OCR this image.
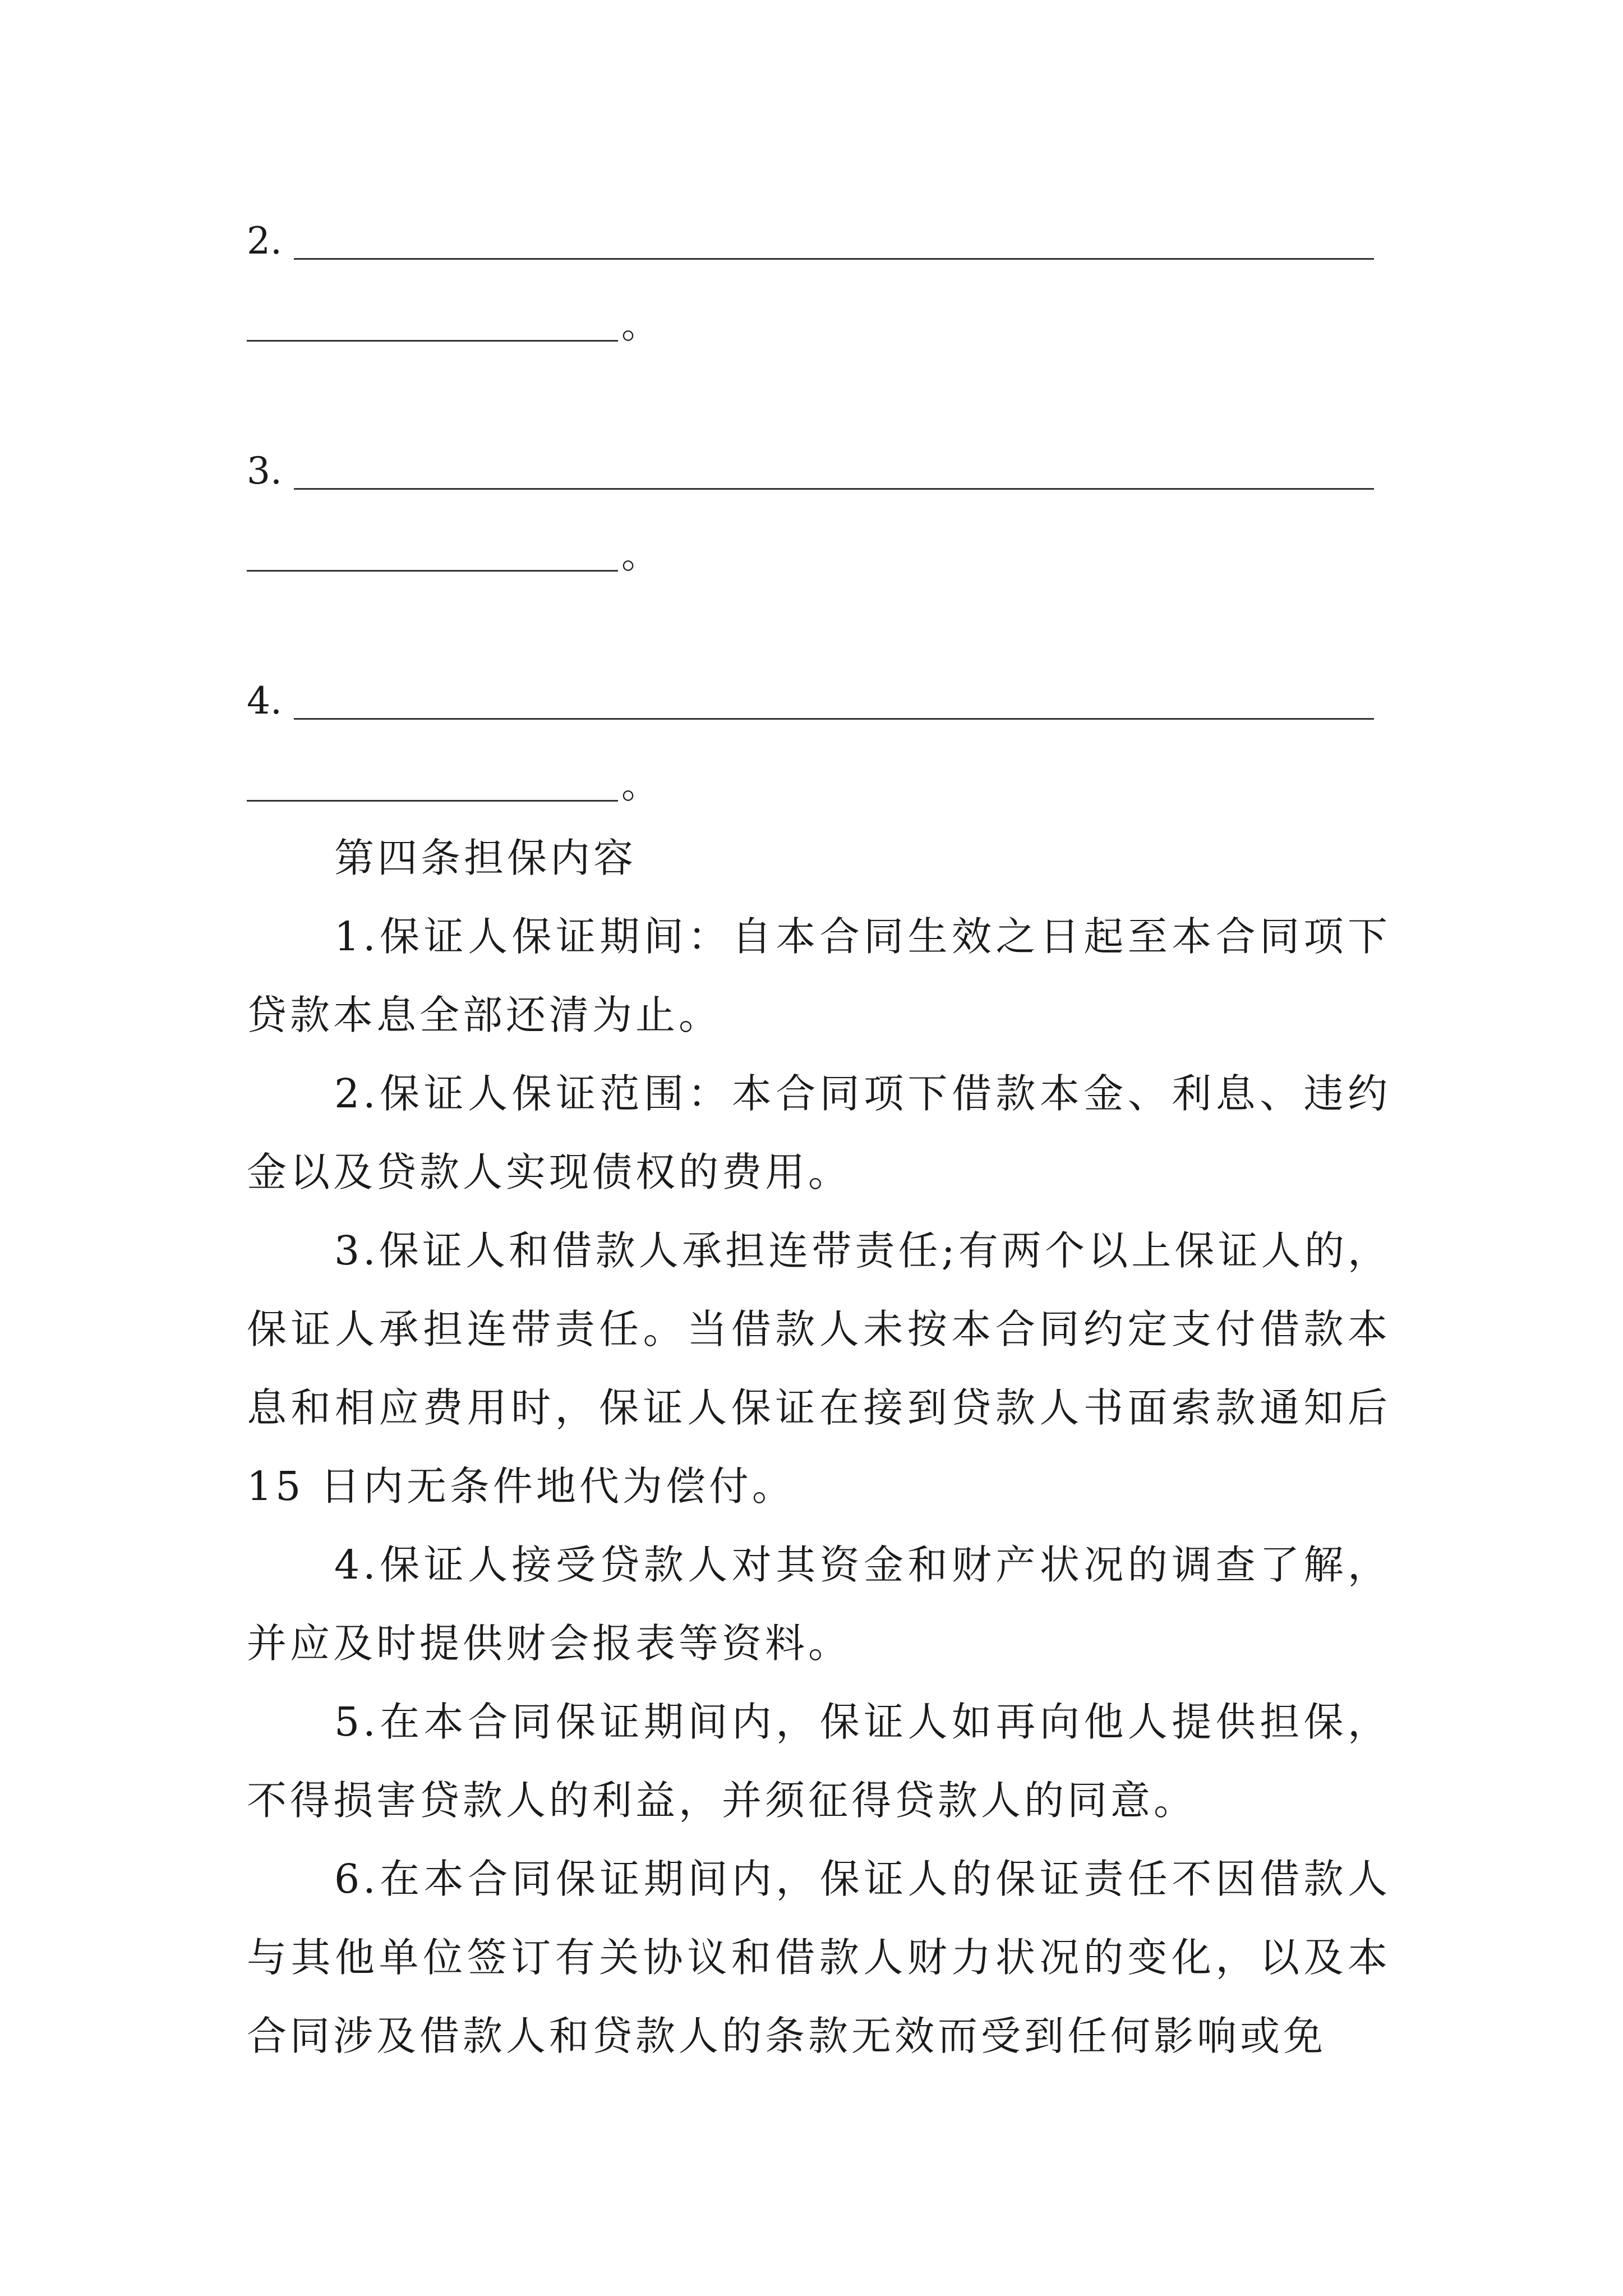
2.
。
3.
。
4.
。

第四条担保内容

1.保证人保证期间：自本合同生效之日起至本合同项下贷款本息全部还清为止。

2.保证人保证范围：本合同项下借款本金、利息、违约金以及贷款人实现债权的费用。

3.保证人和借款人承担连带责任;有两个以上保证人的，保证人承担连带责任。当借款人未按本合同约定支付借款本息和相应费用时，保证人保证在接到贷款人书面索款通知后15 日内无条件地代为偿付。

4.保证人接受贷款人对其资金和财产状况的调查了解，并应及时提供财会报表等资料。

5.在本合同保证期间内，保证人如再向他人提供担保，不得损害贷款人的利益，并须征得贷款人的同意。

6.在本合同保证期间内，保证人的保证责任不因借款人与其他单位签订有关协议和借款人财力状况的变化，以及本合同涉及借款人和贷款人的条款无效而受到任何影响或免
